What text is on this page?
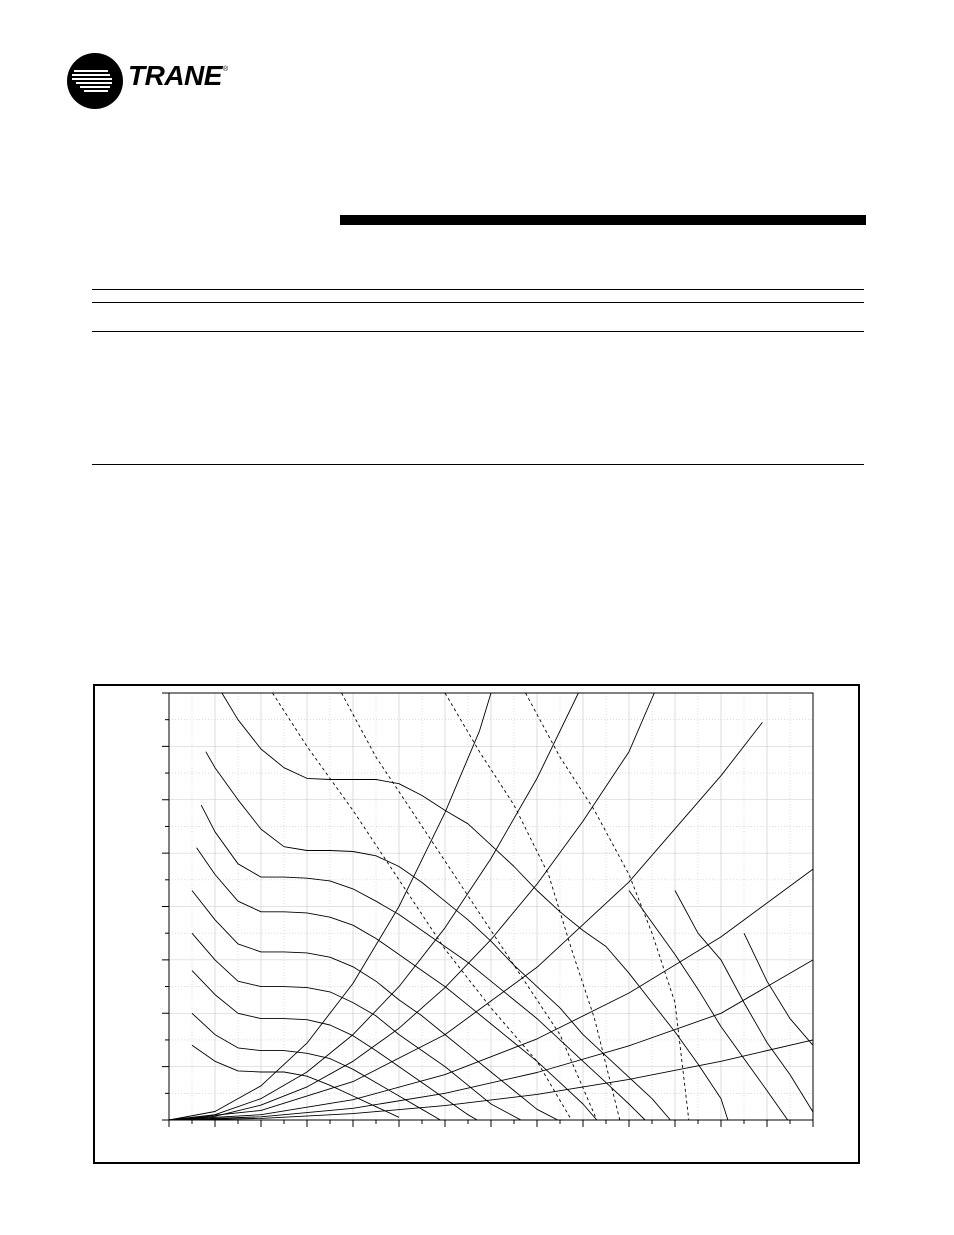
TRANE ®
